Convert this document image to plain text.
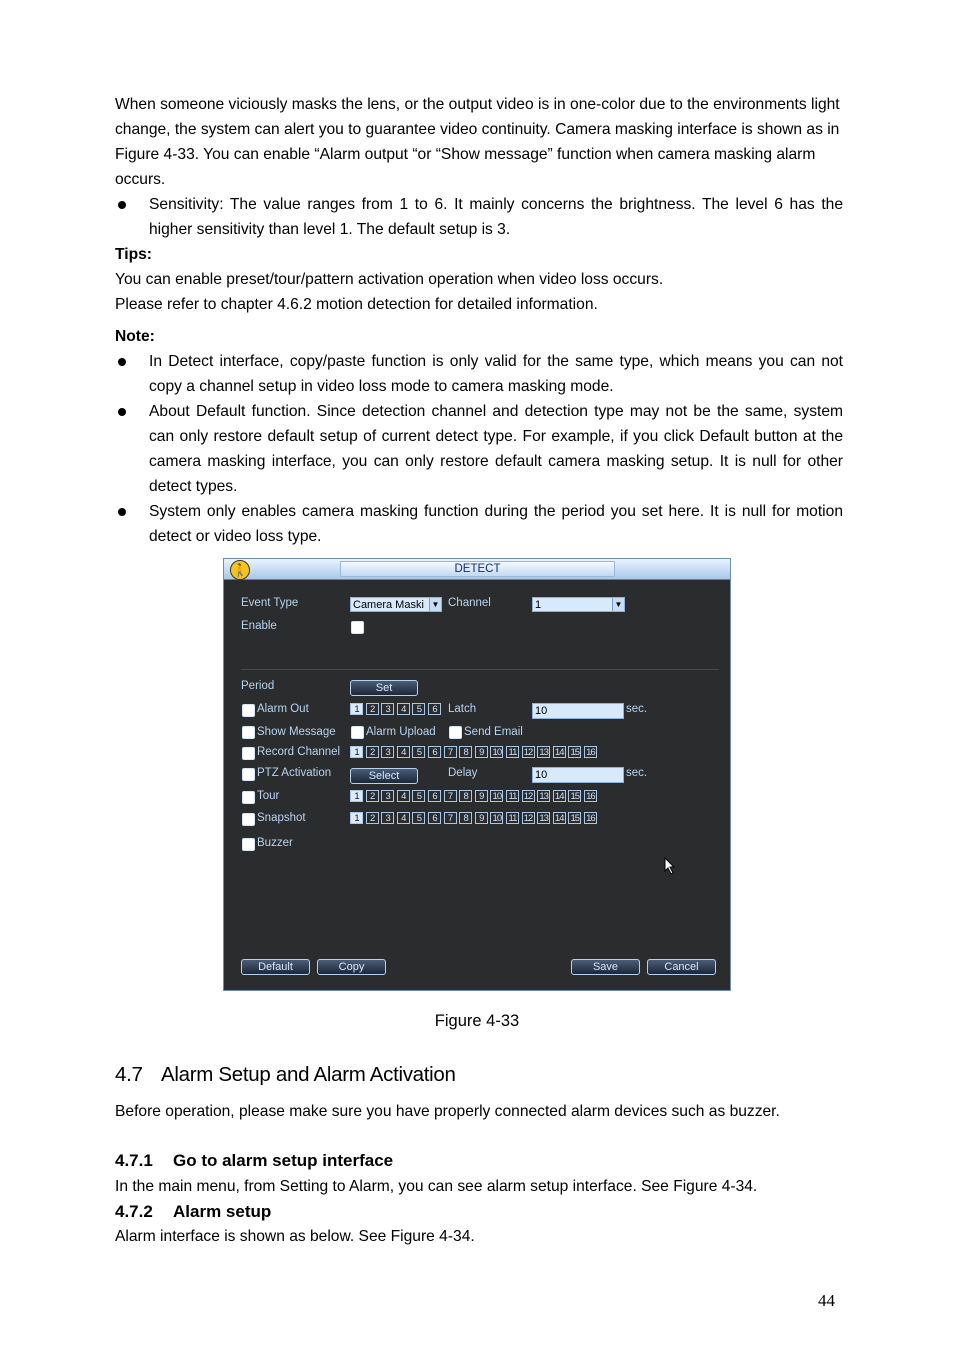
When someone viciously masks the lens, or the output video is in one-color due to the environments light change, the system can alert you to guarantee video continuity. Camera masking interface is shown as in Figure 4-33. You can enable “Alarm output “or “Show message” function when camera masking alarm occurs.
Sensitivity: The value ranges from 1 to 6. It mainly concerns the brightness. The level 6 has the higher sensitivity than level 1. The default setup is 3.
Tips:
You can enable preset/tour/pattern activation operation when video loss occurs.
Please refer to chapter 4.6.2 motion detection for detailed information.
Note:
In Detect interface, copy/paste function is only valid for the same type, which means you can not copy a channel setup in video loss mode to camera masking mode.
About Default function. Since detection channel and detection type may not be the same, system can only restore default setup of current detect type. For example, if you click Default button at the camera masking interface, you can only restore default camera masking setup. It is null for other detect types.
System only enables camera masking function during the period you set here. It is null for motion detect or video loss type.
🚶	DETECT
Event Type	Camera Maski ▼ Channel	1	▼
Enable
Period	Set
Alarm Out	1	2	3	4	5	6 Latch	10	sec.
Show Message	Alarm Upload Send Email
Record Channel	1	2	3	4	5	6	7	8	9 10 11 12 13 14 15 16
PTZ Activation	Select	Delay	10	sec.
Tour	1	2	3	4	5	6	7	8	9 10 11 12 13 14 15 16
Snapshot	1	2	3	4	5	6	7	8	9 10 11 12 13 14 15 16
Buzzer
Default	Copy	Save	Cancel
Figure 4-33
4.7 Alarm Setup and Alarm Activation
Before operation, please make sure you have properly connected alarm devices such as buzzer.
4.7.1 Go to alarm setup interface
In the main menu, from Setting to Alarm, you can see alarm setup interface. See Figure 4-34.
4.7.2 Alarm setup
Alarm interface is shown as below. See Figure 4-34.
44
